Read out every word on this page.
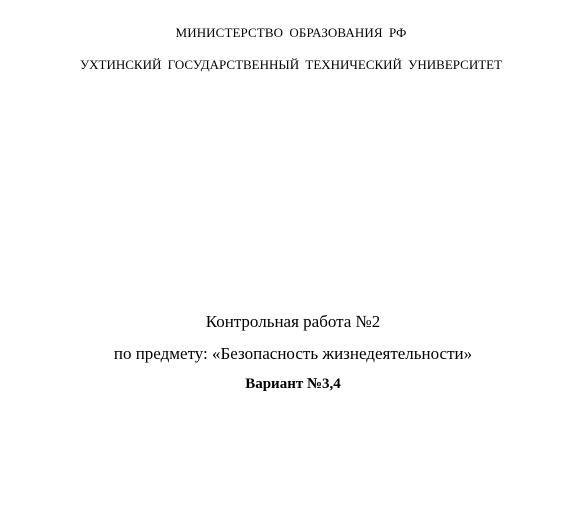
МИНИСТЕРСТВО ОБРАЗОВАНИЯ РФ
УХТИНСКИЙ ГОСУДАРСТВЕННЫЙ ТЕХНИЧЕСКИЙ УНИВЕРСИТЕТ
Контрольная работа №2
по предмету: «Безопасность жизнедеятельности»
Вариант №3,4
